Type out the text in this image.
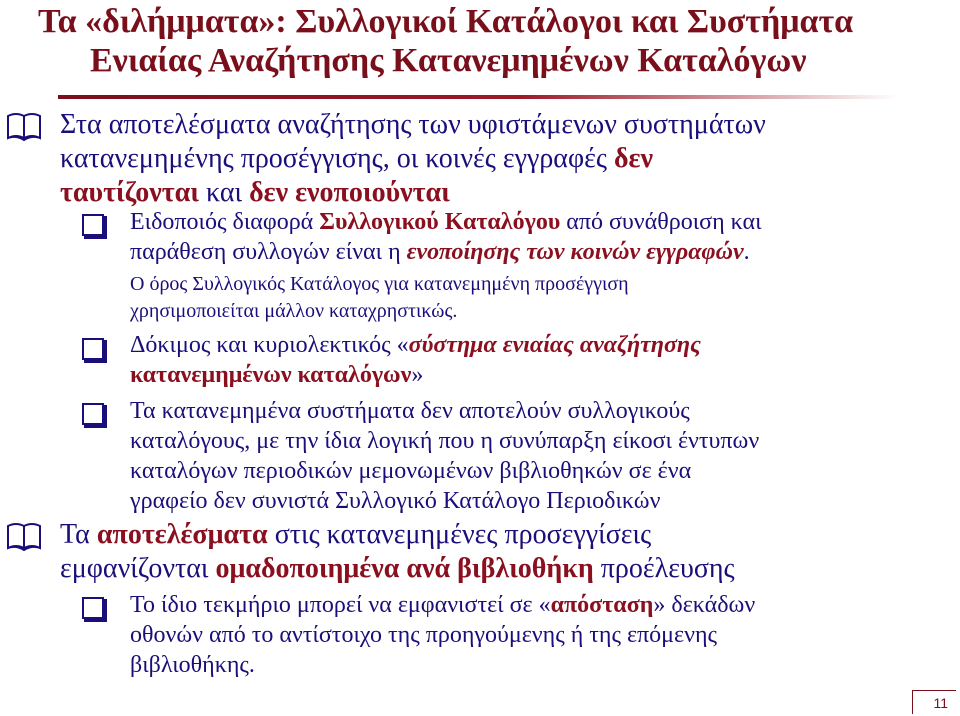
Τα «διλήμματα»: Συλλογικοί Κατάλογοι και Συστήματα
Ενιαίας Αναζήτησης Κατανεμημένων Καταλόγων
Στα αποτελέσματα αναζήτησης των υφιστάμενων συστημάτων
κατανεμημένης προσέγγισης, οι κοινές εγγραφές δεν
ταυτίζονται και δεν ενοποιούνται
Ειδοποιός διαφορά Συλλογικού Καταλόγου από συνάθροιση και
παράθεση συλλογών είναι η ενοποίησης των κοινών εγγραφών.
Ο όρος Συλλογικός Κατάλογος για κατανεμημένη προσέγγιση
χρησιμοποιείται μάλλον καταχρηστικώς.
Δόκιμος και κυριολεκτικός «σύστημα ενιαίας αναζήτησης
κατανεμημένων καταλόγων»
Τα κατανεμημένα συστήματα δεν αποτελούν συλλογικούς
καταλόγους, με την ίδια λογική που η συνύπαρξη είκοσι έντυπων
καταλόγων περιοδικών μεμονωμένων βιβλιοθηκών σε ένα
γραφείο δεν συνιστά Συλλογικό Κατάλογο Περιοδικών
Τα αποτελέσματα στις κατανεμημένες προσεγγίσεις
εμφανίζονται ομαδοποιημένα ανά βιβλιοθήκη προέλευσης
Το ίδιο τεκμήριο μπορεί να εμφανιστεί σε «απόσταση» δεκάδων
οθονών από το αντίστοιχο της προηγούμενης ή της επόμενης
βιβλιοθήκης.
11
